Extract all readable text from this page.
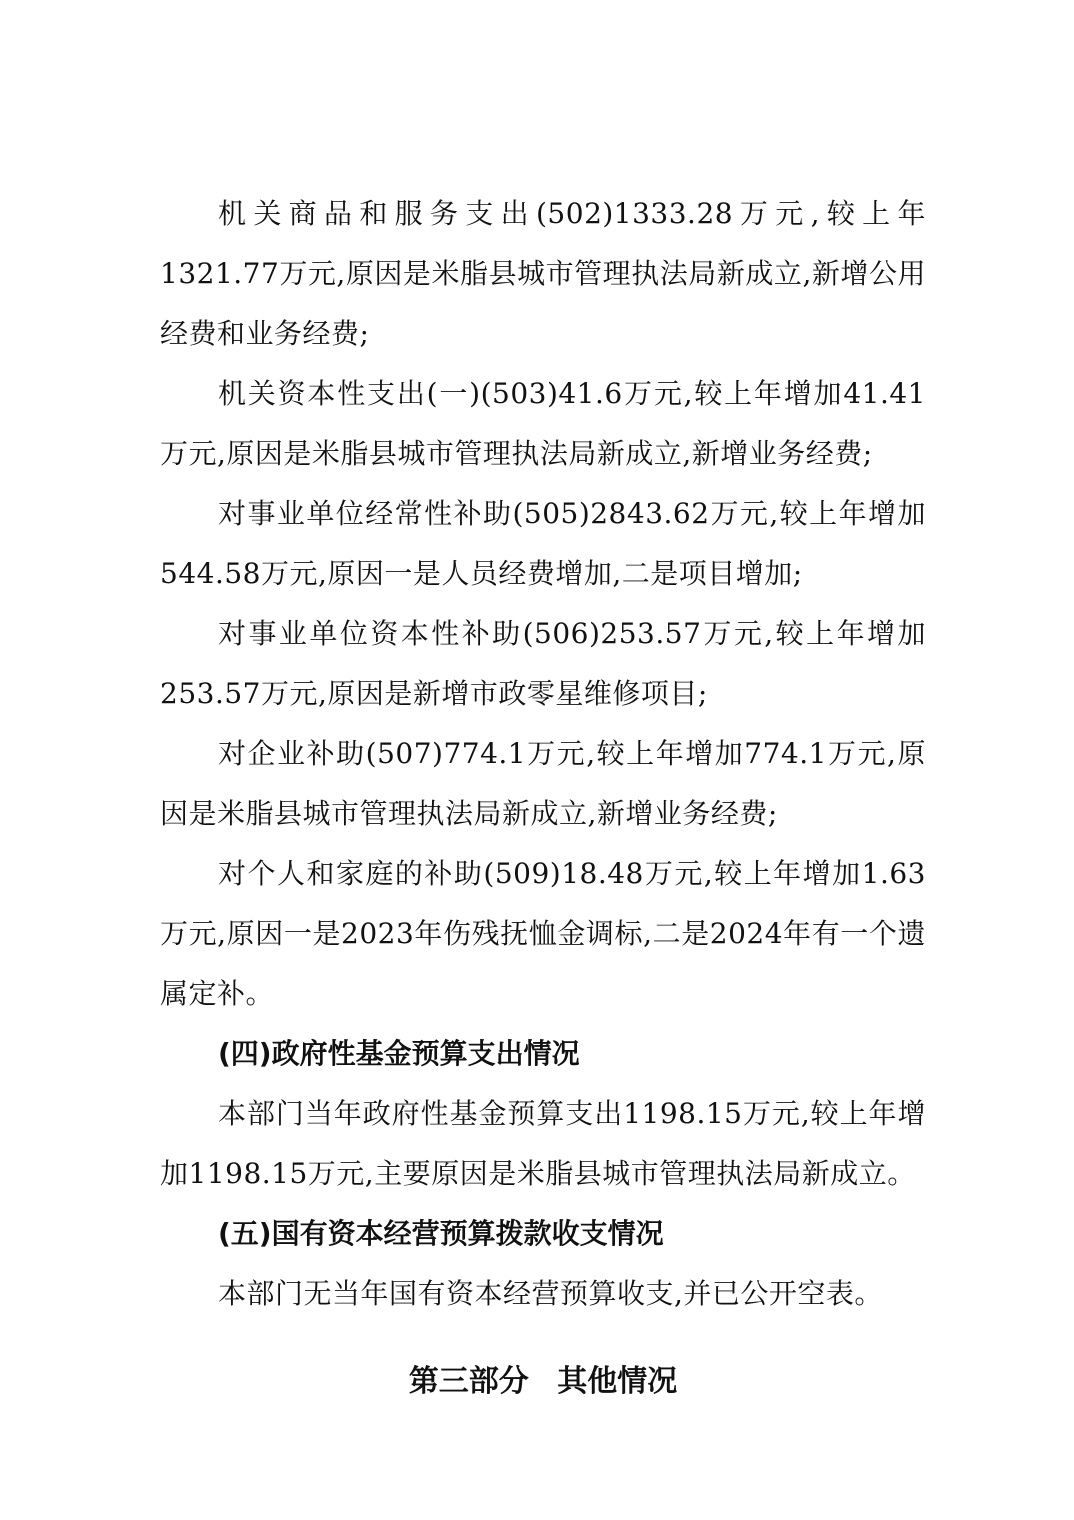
机关商品和服务支出(502)1333.28万元,较上年1321.77万元,原因是米脂县城市管理执法局新成立,新增公用经费和业务经费;

机关资本性支出(一)(503)41.6万元,较上年增加41.41万元,原因是米脂县城市管理执法局新成立,新增业务经费;

对事业单位经常性补助(505)2843.62万元,较上年增加544.58万元,原因一是人员经费增加,二是项目增加;

对事业单位资本性补助(506)253.57万元,较上年增加253.57万元,原因是新增市政零星维修项目;

对企业补助(507)774.1万元,较上年增加774.1万元,原因是米脂县城市管理执法局新成立,新增业务经费;

对个人和家庭的补助(509)18.48万元,较上年增加1.63万元,原因一是2023年伤残抚恤金调标,二是2024年有一个遗属定补。

(四)政府性基金预算支出情况

本部门当年政府性基金预算支出1198.15万元,较上年增加1198.15万元,主要原因是米脂县城市管理执法局新成立。

(五)国有资本经营预算拨款收支情况

本部门无当年国有资本经营预算收支,并已公开空表。

第三部分 其他情况
